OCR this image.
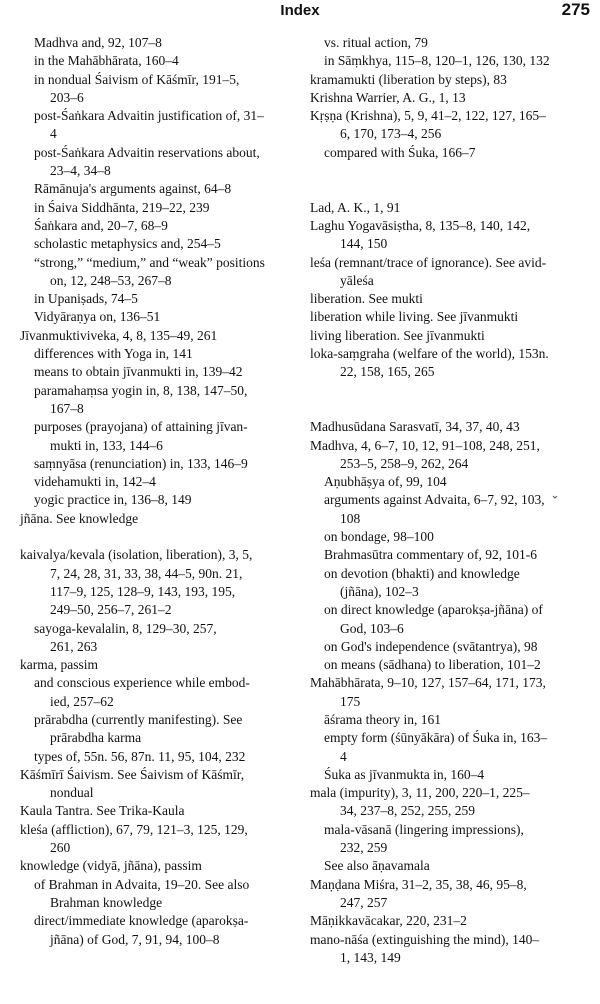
Index	275
Madhva and, 92, 107–8
in the Mahābhārata, 160–4
in nondual Śaivism of Kāśmīr, 191–5,
203–6
post-Śaṅkara Advaitin justification of, 31–
4
post-Śaṅkara Advaitin reservations about,
23–4, 34–8
Rāmānuja's arguments against, 64–8
in Śaiva Siddhānta, 219–22, 239
Śaṅkara and, 20–7, 68–9
scholastic metaphysics and, 254–5
“strong,” “medium,” and “weak” positions
on, 12, 248–53, 267–8
in Upaniṣads, 74–5
Vidyāraṇya on, 136–51
Jīvanmuktiviveka, 4, 8, 135–49, 261
differences with Yoga in, 141
means to obtain jīvanmukti in, 139–42
paramahaṃsa yogin in, 8, 138, 147–50,
167–8
purposes (prayojana) of attaining jīvan-
mukti in, 133, 144–6
saṃnyāsa (renunciation) in, 133, 146–9
videhamukti in, 142–4
yogic practice in, 136–8, 149
jñāna. See knowledge
kaivalya/kevala (isolation, liberation), 3, 5,
7, 24, 28, 31, 33, 38, 44–5, 90n. 21,
117–9, 125, 128–9, 143, 193, 195,
249–50, 256–7, 261–2
sayoga-kevalalin, 8, 129–30, 257,
261, 263
karma, passim
and conscious experience while embod-
ied, 257–62
prārabdha (currently manifesting). See
prārabdha karma
types of, 55n. 56, 87n. 11, 95, 104, 232
Kāśmīrī Śaivism. See Śaivism of Kāśmīr,
nondual
Kaula Tantra. See Trika-Kaula
kleśa (affliction), 67, 79, 121–3, 125, 129,
260
knowledge (vidyā, jñāna), passim
of Brahman in Advaita, 19–20. See also
Brahman knowledge
direct/immediate knowledge (aparokṣa-
jñāna) of God, 7, 91, 94, 100–8
vs. ritual action, 79
in Sāṃkhya, 115–8, 120–1, 126, 130, 132
kramamukti (liberation by steps), 83
Krishna Warrier, A. G., 1, 13
Kṛṣṇa (Krishna), 5, 9, 41–2, 122, 127, 165–
6, 170, 173–4, 256
compared with Śuka, 166–7
Lad, A. K., 1, 91
Laghu Yogavāsiṣtha, 8, 135–8, 140, 142,
144, 150
leśa (remnant/trace of ignorance). See avid-
yāleśa
liberation. See mukti
liberation while living. See jīvanmukti
living liberation. See jīvanmukti
loka-saṃgraha (welfare of the world), 153n.
22, 158, 165, 265
Madhusūdana Sarasvatī, 34, 37, 40, 43
Madhva, 4, 6–7, 10, 12, 91–108, 248, 251,
253–5, 258–9, 262, 264
Aṇubhāṣya of, 99, 104
arguments against Advaita, 6–7, 92, 103,
108
on bondage, 98–100
Brahmasūtra commentary of, 92, 101-6
on devotion (bhakti) and knowledge
(jñāna), 102–3
on direct knowledge (aparokṣa-jñāna) of
God, 103–6
on God's independence (svātantrya), 98
on means (sādhana) to liberation, 101–2
Mahābhārata, 9–10, 127, 157–64, 171, 173,
175
āśrama theory in, 161
empty form (śūnyākāra) of Śuka in, 163–
4
Śuka as jīvanmukta in, 160–4
mala (impurity), 3, 11, 200, 220–1, 225–
34, 237–8, 252, 255, 259
mala-vāsanā (lingering impressions),
232, 259
See also āṇavamala
Maṇḍana Miśra, 31–2, 35, 38, 46, 95–8,
247, 257
Māṇikkavācakar, 220, 231–2
mano-nāśa (extinguishing the mind), 140–
1, 143, 149
